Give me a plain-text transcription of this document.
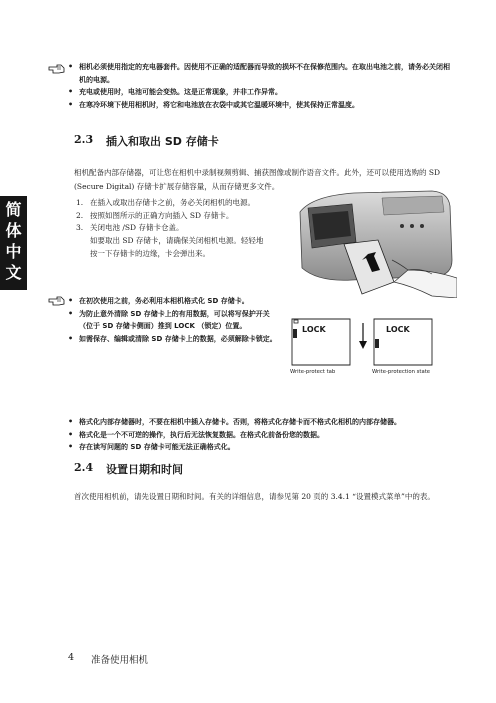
简
体
中
文
• 相机必须使用指定的充电器套件。因使用不正确的适配器而导致的损坏不在保修范围内。在取出电池之前，请务必关闭相机的电源。
• 充电或使用时，电池可能会变热。这是正常现象，并非工作异常。
• 在寒冷环境下使用相机时，将它和电池放在衣袋中或其它温暖环境中，使其保持正常温度。
2.3 插入和取出 SD 存储卡

相机配备内部存储器，可让您在相机中录制视频剪辑、捕获图像或制作语音文件。此外，还可以使用选购的 SD (Secure Digital) 存储卡扩展存储容量，从而存储更多文件。

1. 在插入或取出存储卡之前，务必关闭相机的电源。
2. 按照如图所示的正确方向插入 SD 存储卡。
3. 关闭电池 /SD 存储卡仓盖。

如要取出 SD 存储卡，请确保关闭相机电源。轻轻地按一下存储卡的边缘，卡会弹出来。

• 在初次使用之前，务必利用本相机格式化 SD 存储卡。
• 为防止意外清除 SD 存储卡上的有用数据，可以将写保护开关 （位于 SD 存储卡侧面）推到 LOCK （锁定）位置。
• 如需保存、编辑或清除 SD 存储卡上的数据，必须解除卡锁定。
• 格式化内部存储器时，不要在相机中插入存储卡。否则，将格式化存储卡而不格式化相机的内部存储器。
• 格式化是一个不可逆的操作，执行后无法恢复数据。在格式化前备份您的数据。
• 存在读写问题的 SD 存储卡可能无法正确格式化。
LOCK	LOCK
Write-protect tab	Write-protection state
2.4 设置日期和时间

首次使用相机前，请先设置日期和时间。有关的详细信息，请参见第 20 页的 3.4.1 “设置模式菜单”中的表。

4 准备使用相机
